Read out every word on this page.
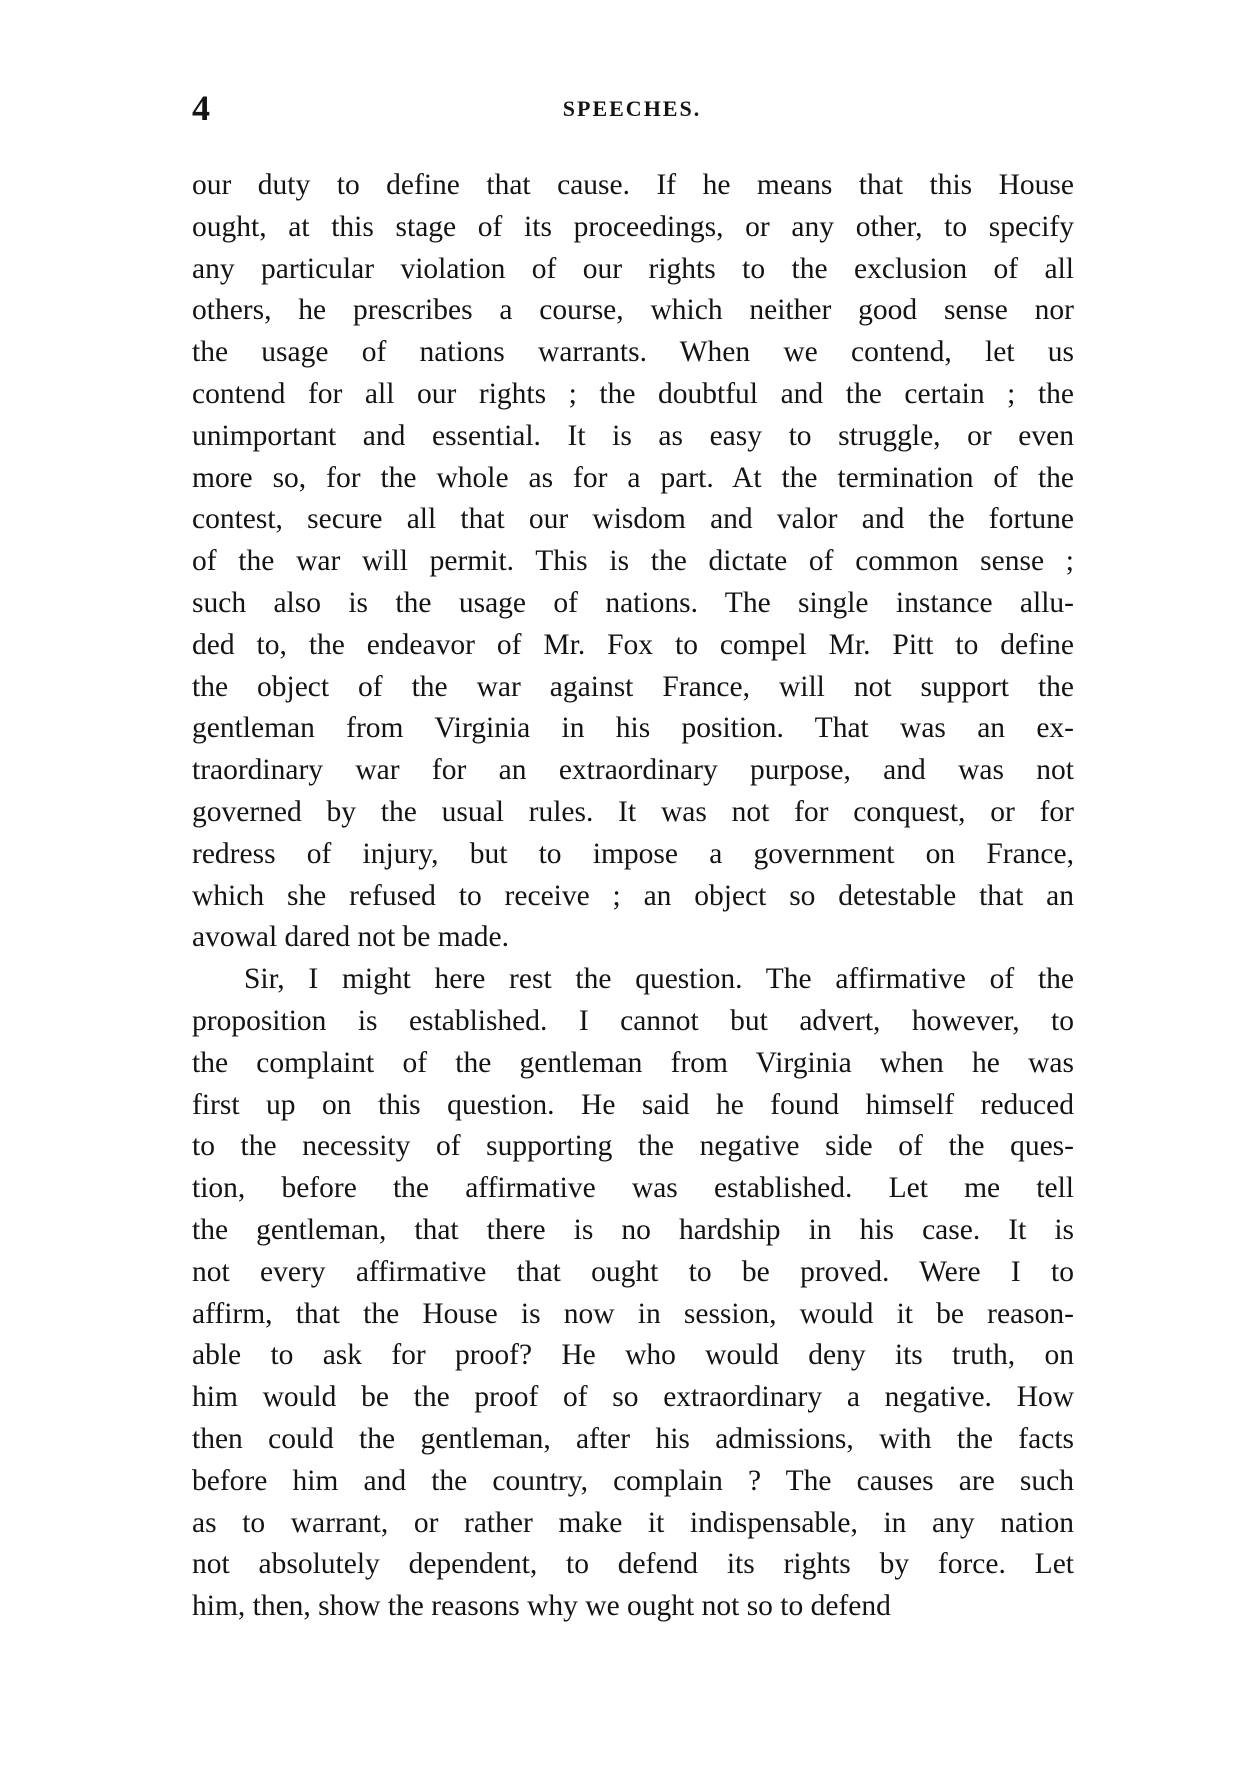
4	SPEECHES.
our duty to define that cause. If he means that this House
ought, at this stage of its proceedings, or any other, to specify
any particular violation of our rights to the exclusion of all
others, he prescribes a course, which neither good sense nor
the usage of nations warrants. When we contend, let us
contend for all our rights ; the doubtful and the certain ; the
unimportant and essential. It is as easy to struggle, or even
more so, for the whole as for a part. At the termination of the
contest, secure all that our wisdom and valor and the fortune
of the war will permit. This is the dictate of common sense ;
such also is the usage of nations. The single instance allu-
ded to, the endeavor of Mr. Fox to compel Mr. Pitt to define
the object of the war against France, will not support the
gentleman from Virginia in his position. That was an ex-
traordinary war for an extraordinary purpose, and was not
governed by the usual rules. It was not for conquest, or for
redress of injury, but to impose a government on France,
which she refused to receive ; an object so detestable that an
avowal dared not be made.
Sir, I might here rest the question. The affirmative of the
proposition is established. I cannot but advert, however, to
the complaint of the gentleman from Virginia when he was
first up on this question. He said he found himself reduced
to the necessity of supporting the negative side of the ques-
tion, before the affirmative was established. Let me tell
the gentleman, that there is no hardship in his case. It is
not every affirmative that ought to be proved. Were I to
affirm, that the House is now in session, would it be reason-
able to ask for proof? He who would deny its truth, on
him would be the proof of so extraordinary a negative. How
then could the gentleman, after his admissions, with the facts
before him and the country, complain ? The causes are such
as to warrant, or rather make it indispensable, in any nation
not absolutely dependent, to defend its rights by force. Let
him, then, show the reasons why we ought not so to defend
